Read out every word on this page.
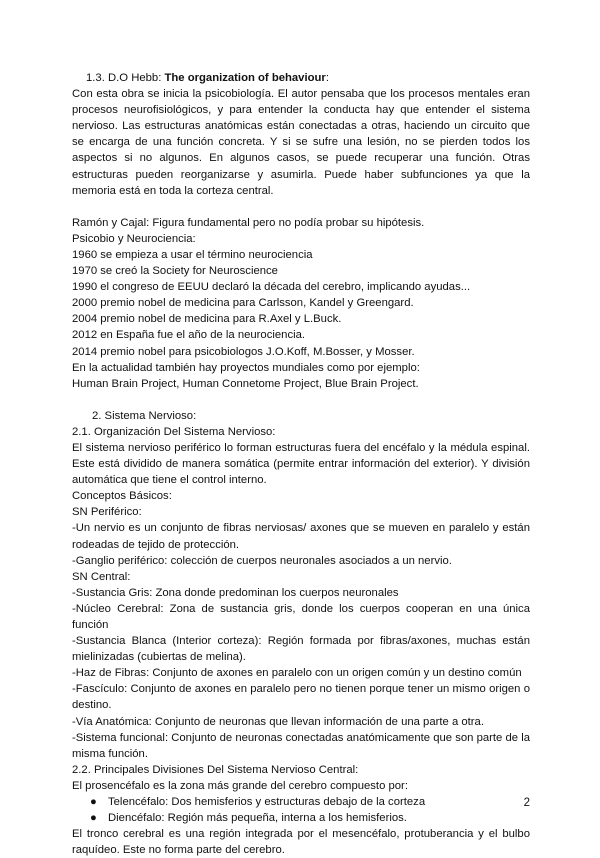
1.3. D.O Hebb: The organization of behaviour:

Con esta obra se inicia la psicobiología. El autor pensaba que los procesos mentales eran procesos neurofisiológicos, y para entender la conducta hay que entender el sistema nervioso. Las estructuras anatómicas están conectadas a otras, haciendo un circuito que se encarga de una función concreta. Y si se sufre una lesión, no se pierden todos los aspectos si no algunos. En algunos casos, se puede recuperar una función. Otras estructuras pueden reorganizarse y asumirla. Puede haber subfunciones ya que la memoria está en toda la corteza central.

Ramón y Cajal: Figura fundamental pero no podía probar su hipótesis.

Psicobio y Neurociencia:

1960 se empieza a usar el término neurociencia

1970 se creó la Society for Neuroscience

1990 el congreso de EEUU declaró la década del cerebro, implicando ayudas...

2000 premio nobel de medicina para Carlsson, Kandel y Greengard.

2004 premio nobel de medicina para R.Axel y L.Buck.

2012 en España fue el año de la neurociencia.

2014 premio nobel para psicobiologos J.O.Koff, M.Bosser, y Mosser.

En la actualidad también hay proyectos mundiales como por ejemplo:

Human Brain Project, Human Connetome Project, Blue Brain Project.

2. Sistema Nervioso:

2.1. Organización Del Sistema Nervioso:

El sistema nervioso periférico lo forman estructuras fuera del encéfalo y la médula espinal. Este está dividido de manera somática (permite entrar información del exterior). Y división automática que tiene el control interno.

Conceptos Básicos:

SN Periférico:

-Un nervio es un conjunto de fibras nerviosas/ axones que se mueven en paralelo y están rodeadas de tejido de protección.

-Ganglio periférico: colección de cuerpos neuronales asociados a un nervio.

SN Central:

-Sustancia Gris: Zona donde predominan los cuerpos neuronales

-Núcleo Cerebral: Zona de sustancia gris, donde los cuerpos cooperan en una única función

-Sustancia Blanca (Interior corteza): Región formada por fibras/axones, muchas están mielinizadas (cubiertas de melina).

-Haz de Fibras: Conjunto de axones en paralelo con un origen común y un destino común

-Fascículo: Conjunto de axones en paralelo pero no tienen porque tener un mismo origen o destino.

-Vía Anatómica: Conjunto de neuronas que llevan información de una parte a otra.

-Sistema funcional: Conjunto de neuronas conectadas anatómicamente que son parte de la misma función.

2.2. Principales Divisiones Del Sistema Nervioso Central:

El prosencéfalo es la zona más grande del cerebro compuesto por:

● Telencéfalo: Dos hemisferios y estructuras debajo de la corteza

● Diencéfalo: Región más pequeña, interna a los hemisferios.

El tronco cerebral es una región integrada por el mesencéfalo, protuberancia y el bulbo raquídeo. Este no forma parte del cerebro.

2
